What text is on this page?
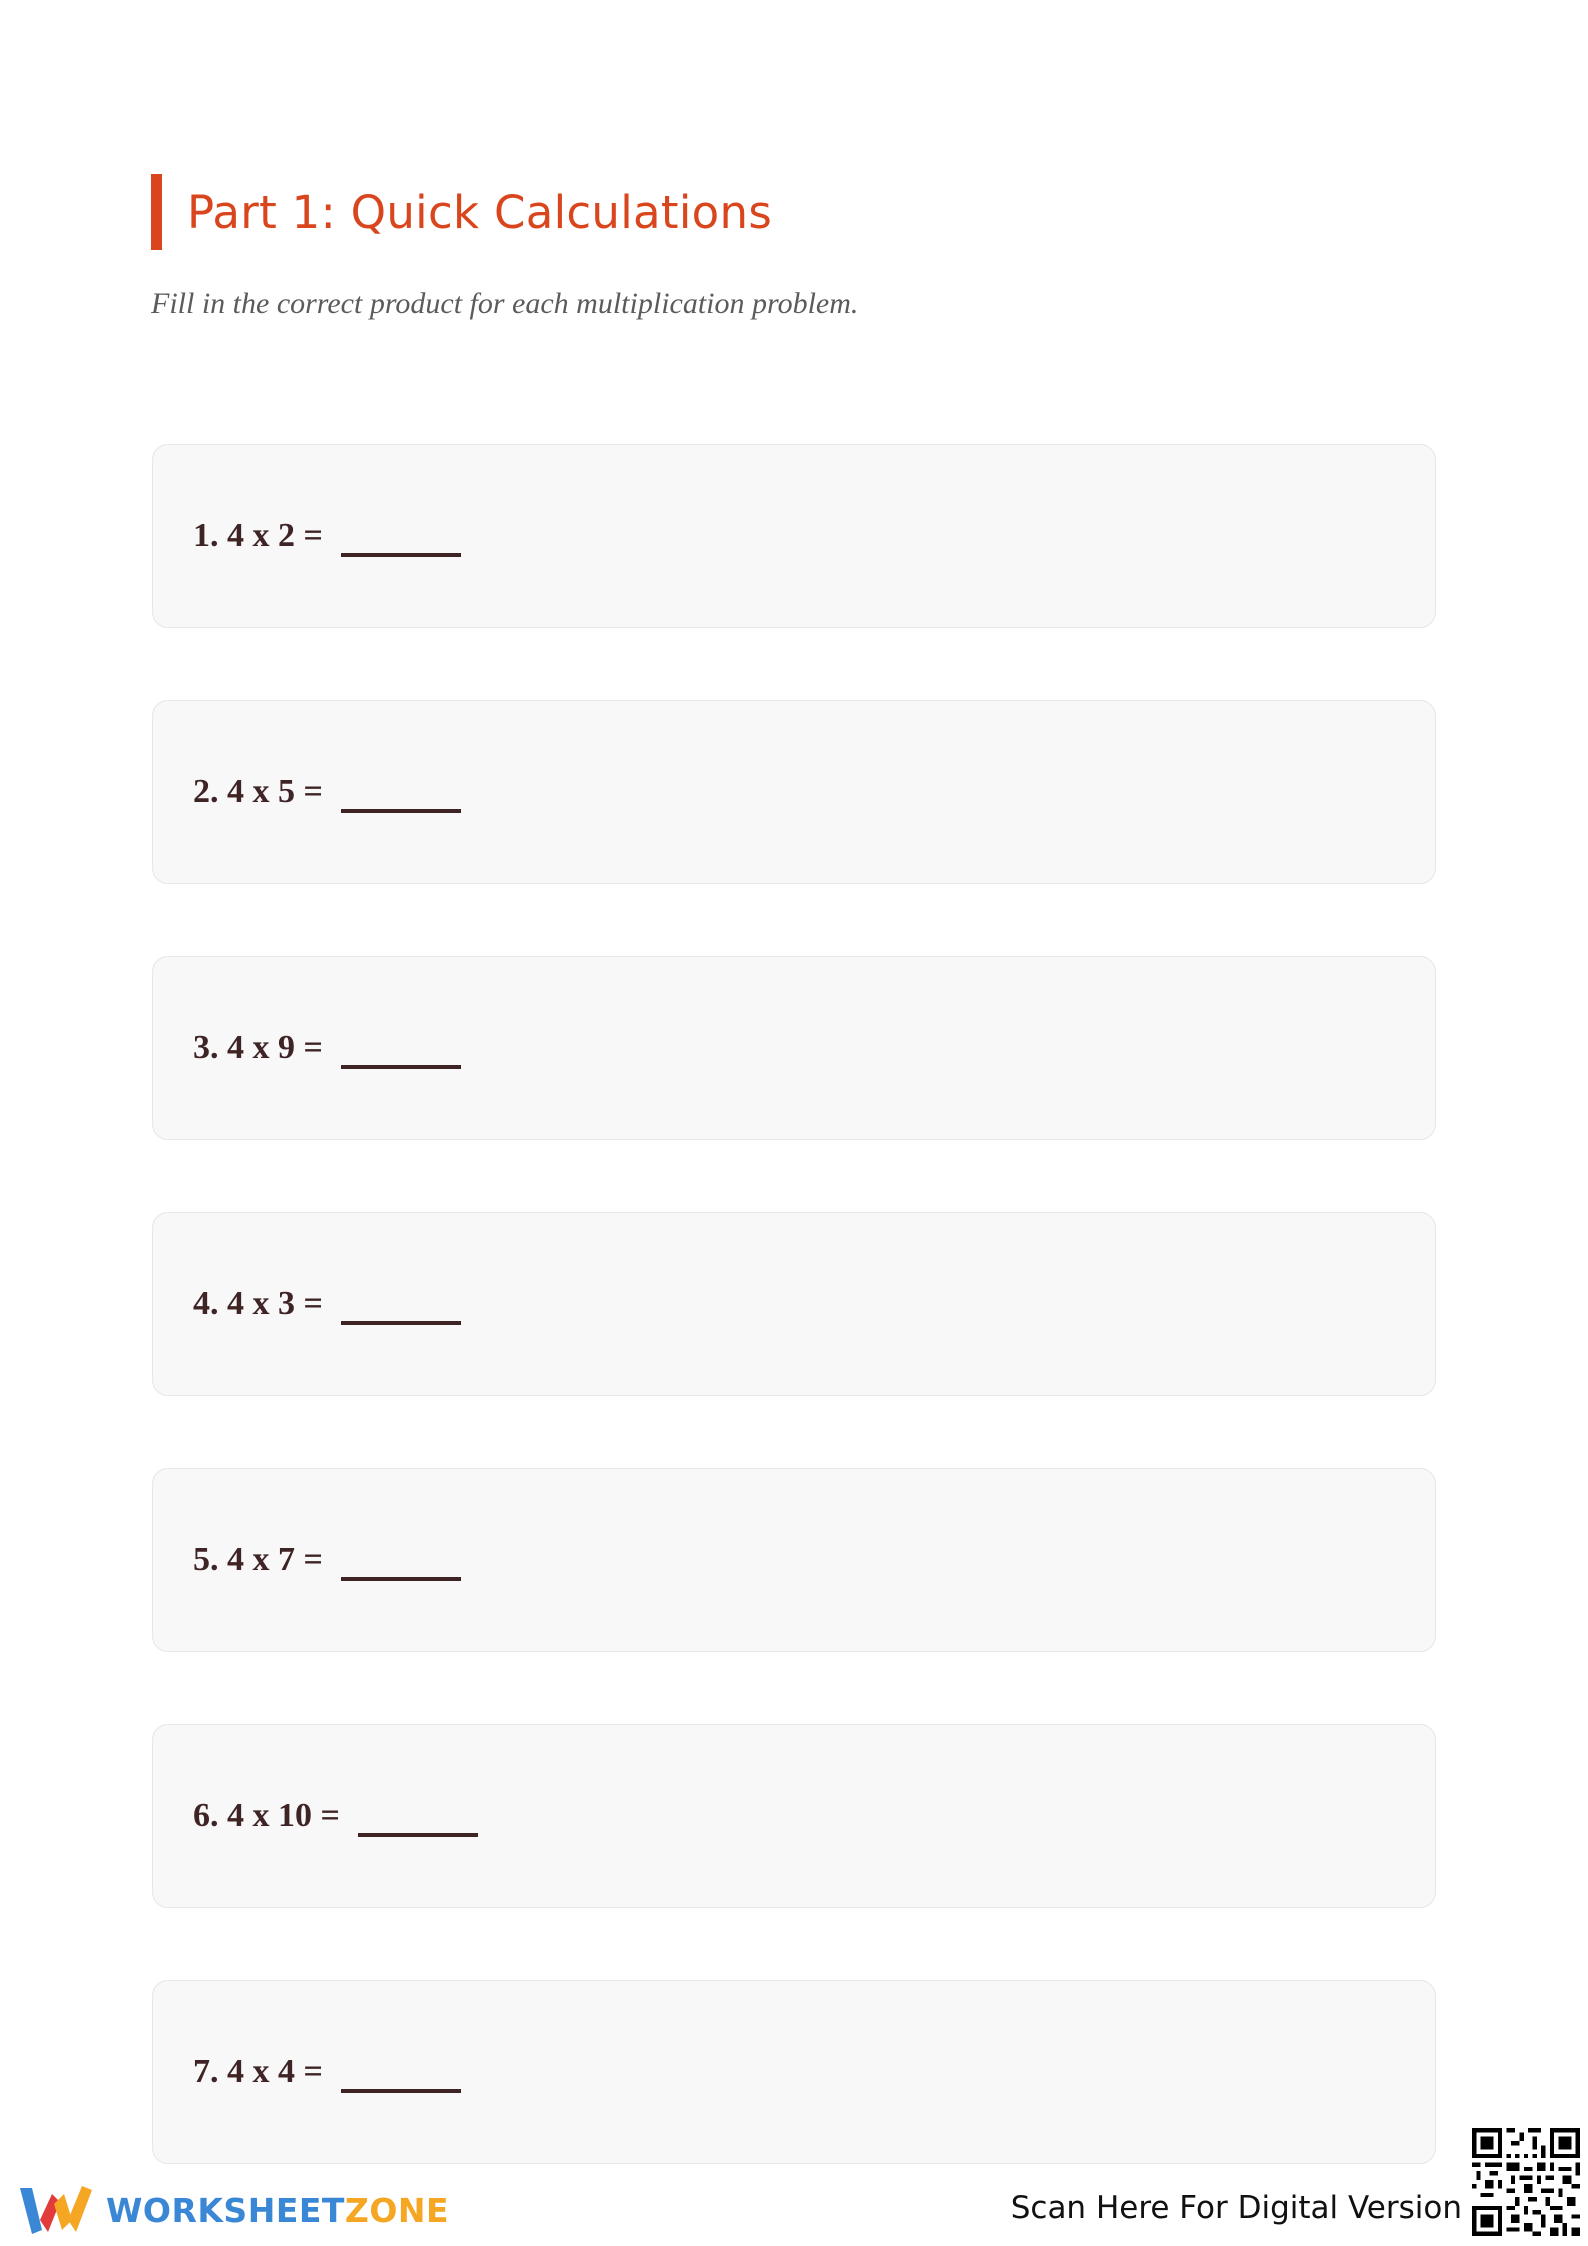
Part 1: Quick Calculations

Fill in the correct product for each multiplication problem.

1. 4 x 2 =
2. 4 x 5 =
3. 4 x 9 =
4. 4 x 3 =
5. 4 x 7 =
6. 4 x 10 =
7. 4 x 4 =
WORKSHEETZONE	Scan Here For Digital Version
